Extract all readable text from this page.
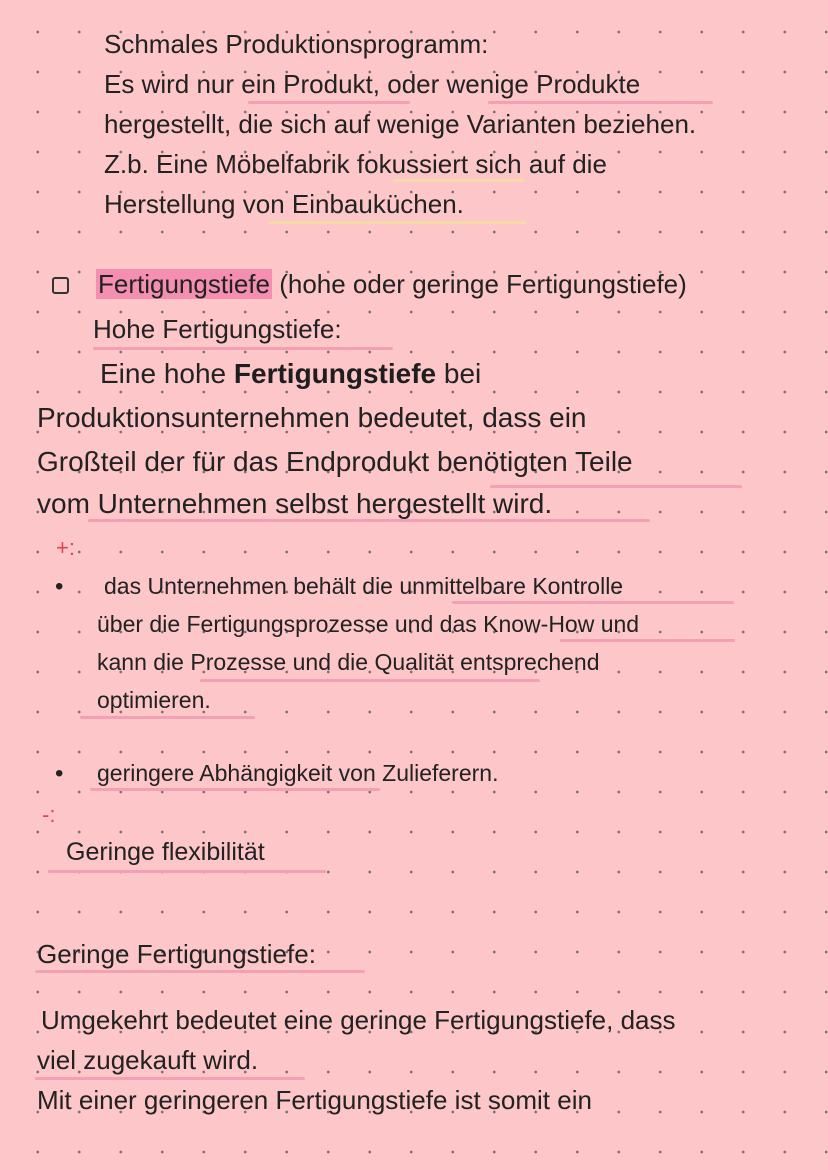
Schmales Produktionsprogramm:

Es wird nur ein Produkt, oder wenige Produkte

hergestellt, die sich auf wenige Varianten beziehen.

Z.b. Eine Möbelfabrik fokussiert sich auf die

Herstellung von Einbauküchen.

Fertigungstiefe (hohe oder geringe Fertigungstiefe)

Hohe Fertigungstiefe:

Eine hohe Fertigungstiefe bei

Produktionsunternehmen bedeutet, dass ein

Großteil der für das Endprodukt benötigten Teile

vom Unternehmen selbst hergestellt wird.

+:
• das Unternehmen behält die unmittelbare Kontrolle

über die Fertigungsprozesse und das Know-How und

kann die Prozesse und die Qualität entsprechend

optimieren.

• geringere Abhängigkeit von Zulieferern.

-:

Geringe flexibilität

Geringe Fertigungstiefe:

Umgekehrt bedeutet eine geringe Fertigungstiefe, dass

viel zugekauft wird.

Mit einer geringeren Fertigungstiefe ist somit ein
